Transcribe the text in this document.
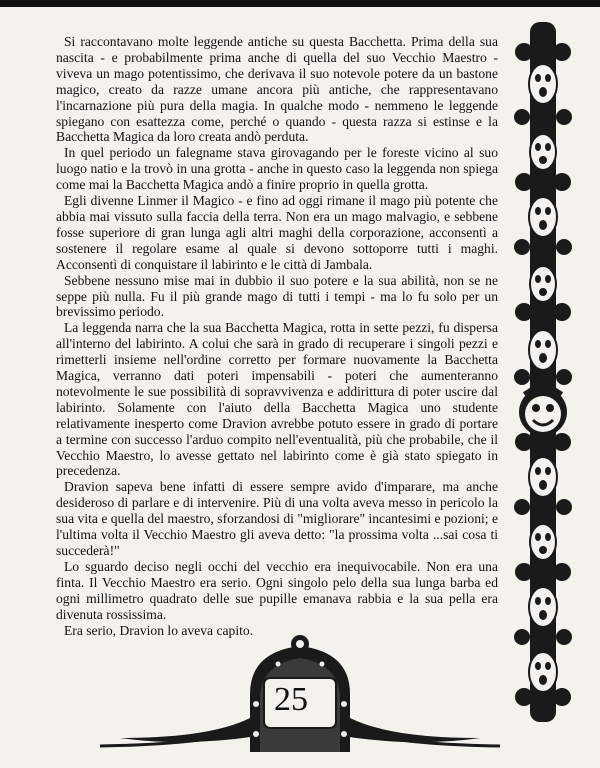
Si raccontavano molte leggende antiche su questa Bacchetta. Prima della sua nascita - e probabilmente prima anche di quella del suo Vecchio Maestro - viveva un mago potentissimo, che derivava il suo notevole potere da un bastone magico, creato da razze umane ancora più antiche, che rappresentavano l'incarnazione più pura della magia. In qualche modo - nemmeno le leggende spiegano con esattezza come, perché o quando - questa razza si estinse e la Bacchetta Magica da loro creata andò perduta.

In quel periodo un falegname stava girovagando per le foreste vicino al suo luogo natio e la trovò in una grotta - anche in questo caso la leggenda non spiega come mai la Bacchetta Magica andò a finire proprio in quella grotta.

Egli divenne Linmer il Magico - e fino ad oggi rimane il mago più potente che abbia mai vissuto sulla faccia della terra. Non era un mago malvagio, e sebbene fosse superiore di gran lunga agli altri maghi della corporazione, acconsentì a sostenere il regolare esame al quale si devono sottoporre tutti i maghi. Acconsentì di conquistare il labirinto e le città di Jambala.

Sebbene nessuno mise mai in dubbio il suo potere e la sua abilità, non se ne seppe più nulla. Fu il più grande mago di tutti i tempi - ma lo fu solo per un brevissimo periodo.

La leggenda narra che la sua Bacchetta Magica, rotta in sette pezzi, fu dispersa all'interno del labirinto. A colui che sarà in grado di recuperare i singoli pezzi e rimetterli insieme nell'ordine corretto per formare nuovamente la Bacchetta Magica, verranno dati poteri impensabili - poteri che aumenteranno notevolmente le sue possibilità di sopravvivenza e addirittura di poter uscire dal labirinto. Solamente con l'aiuto della Bacchetta Magica uno studente relativamente inesperto come Dravion avrebbe potuto essere in grado di portare a termine con successo l'arduo compito nell'eventualità, più che probabile, che il Vecchio Maestro, lo avesse gettato nel labirinto come è già stato spiegato in precedenza.

Dravion sapeva bene infatti di essere sempre avido d'imparare, ma anche desideroso di parlare e di intervenire. Più di una volta aveva messo in pericolo la sua vita e quella del maestro, sforzandosi di "migliorare" incantesimi e pozioni; e l'ultima volta il Vecchio Maestro gli aveva detto: "la prossima volta ...sai cosa ti succederà!"

Lo sguardo deciso negli occhi del vecchio era inequivocabile. Non era una finta. Il Vecchio Maestro era serio. Ogni singolo pelo della sua lunga barba ed ogni millimetro quadrato delle sue pupille emanava rabbia e la sua pella era divenuta rossissima.

Era serio, Dravion lo aveva capito.

25
